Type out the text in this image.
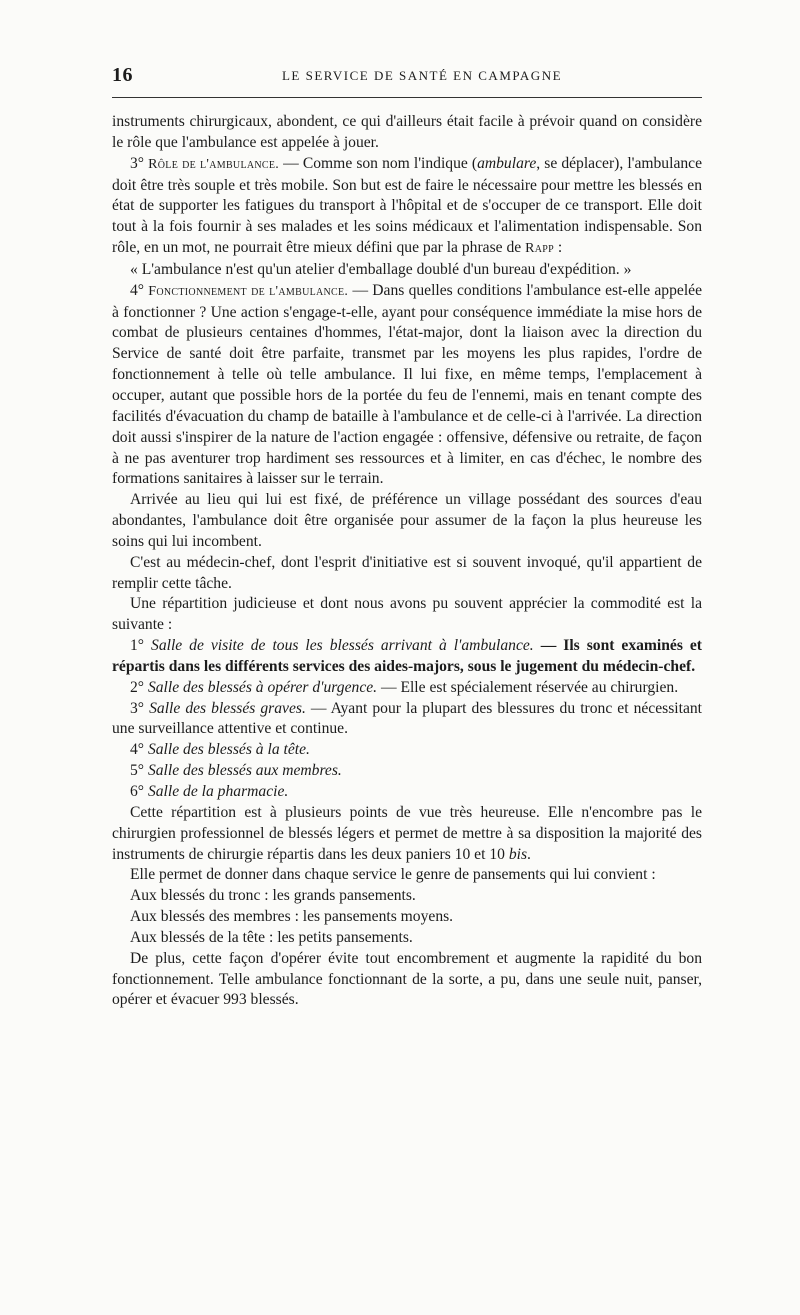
16	LE SERVICE DE SANTÉ EN CAMPAGNE

instruments chirurgicaux, abondent, ce qui d'ailleurs était facile à prévoir quand on considère le rôle que l'ambulance est appelée à jouer.

3° Rôle de l'ambulance. — Comme son nom l'indique (ambulare, se déplacer), l'ambulance doit être très souple et très mobile. Son but est de faire le nécessaire pour mettre les blessés en état de supporter les fatigues du transport à l'hôpital et de s'occuper de ce transport. Elle doit tout à la fois fournir à ses malades et les soins médicaux et l'alimentation indispensable. Son rôle, en un mot, ne pourrait être mieux défini que par la phrase de Rapp :

« L'ambulance n'est qu'un atelier d'emballage doublé d'un bureau d'expédition. »

4° Fonctionnement de l'ambulance. — Dans quelles conditions l'ambulance est-elle appelée à fonctionner ? Une action s'engage-t-elle, ayant pour conséquence immédiate la mise hors de combat de plusieurs centaines d'hommes, l'état-major, dont la liaison avec la direction du Service de santé doit être parfaite, transmet par les moyens les plus rapides, l'ordre de fonctionnement à telle où telle ambulance. Il lui fixe, en même temps, l'emplacement à occuper, autant que possible hors de la portée du feu de l'ennemi, mais en tenant compte des facilités d'évacuation du champ de bataille à l'ambulance et de celle-ci à l'arrivée. La direction doit aussi s'inspirer de la nature de l'action engagée : offensive, défensive ou retraite, de façon à ne pas aventurer trop hardiment ses ressources et à limiter, en cas d'échec, le nombre des formations sanitaires à laisser sur le terrain.

Arrivée au lieu qui lui est fixé, de préférence un village possédant des sources d'eau abondantes, l'ambulance doit être organisée pour assumer de la façon la plus heureuse les soins qui lui incombent.

C'est au médecin-chef, dont l'esprit d'initiative est si souvent invoqué, qu'il appartient de remplir cette tâche.

Une répartition judicieuse et dont nous avons pu souvent apprécier la commodité est la suivante :

1° Salle de visite de tous les blessés arrivant à l'ambulance. — Ils sont examinés et répartis dans les différents services des aides-majors, sous le jugement du médecin-chef.

2° Salle des blessés à opérer d'urgence. — Elle est spécialement réservée au chirurgien.

3° Salle des blessés graves. — Ayant pour la plupart des blessures du tronc et nécessitant une surveillance attentive et continue.

4° Salle des blessés à la tête.

5° Salle des blessés aux membres.

6° Salle de la pharmacie.

Cette répartition est à plusieurs points de vue très heureuse. Elle n'encombre pas le chirurgien professionnel de blessés légers et permet de mettre à sa disposition la majorité des instruments de chirurgie répartis dans les deux paniers 10 et 10 bis.

Elle permet de donner dans chaque service le genre de pansements qui lui convient :

Aux blessés du tronc : les grands pansements.

Aux blessés des membres : les pansements moyens.

Aux blessés de la tête : les petits pansements.

De plus, cette façon d'opérer évite tout encombrement et augmente la rapidité du bon fonctionnement. Telle ambulance fonctionnant de la sorte, a pu, dans une seule nuit, panser, opérer et évacuer 993 blessés.
